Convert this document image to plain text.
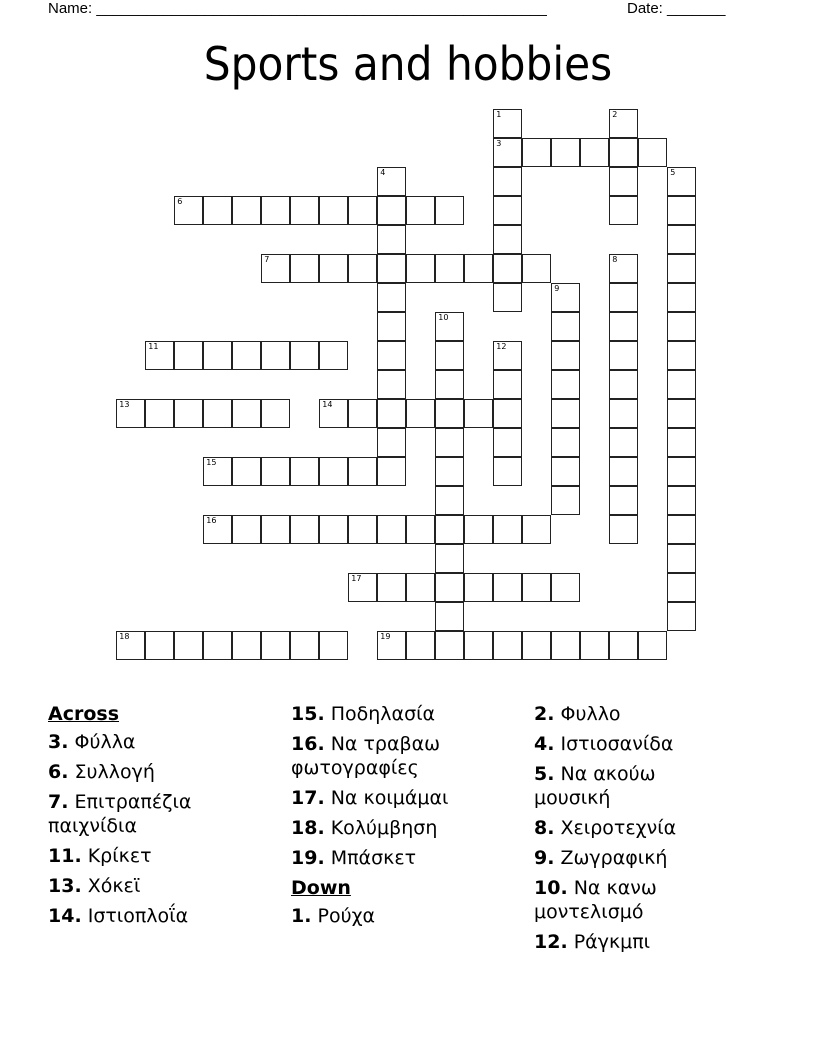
Name: ______________________________________________________	Date: _______
Sports and hobbies
3
6
7
11
13	14
15
16
17
18	19
1	2
4	5
8
9
10
12
Across
3. Φύλλα
6. Συλλογή
7. Επιτραπέζια παιχνίδια
11. Κρίκετ
13. Χόκεϊ
14. Ιστιοπλοΐα
15. Ποδηλασία
16. Να τραβαω φωτογραφίες
17. Να κοιμάμαι
18. Κολύμβηση
19. Μπάσκετ
Down
1. Ρούχα
2. Φυλλο
4. Ιστιοσανίδα
5. Να ακούω μουσική
8. Χειροτεχνία
9. Ζωγραφική
10. Να κανω μοντελισμό
12. Ράγκμπι
